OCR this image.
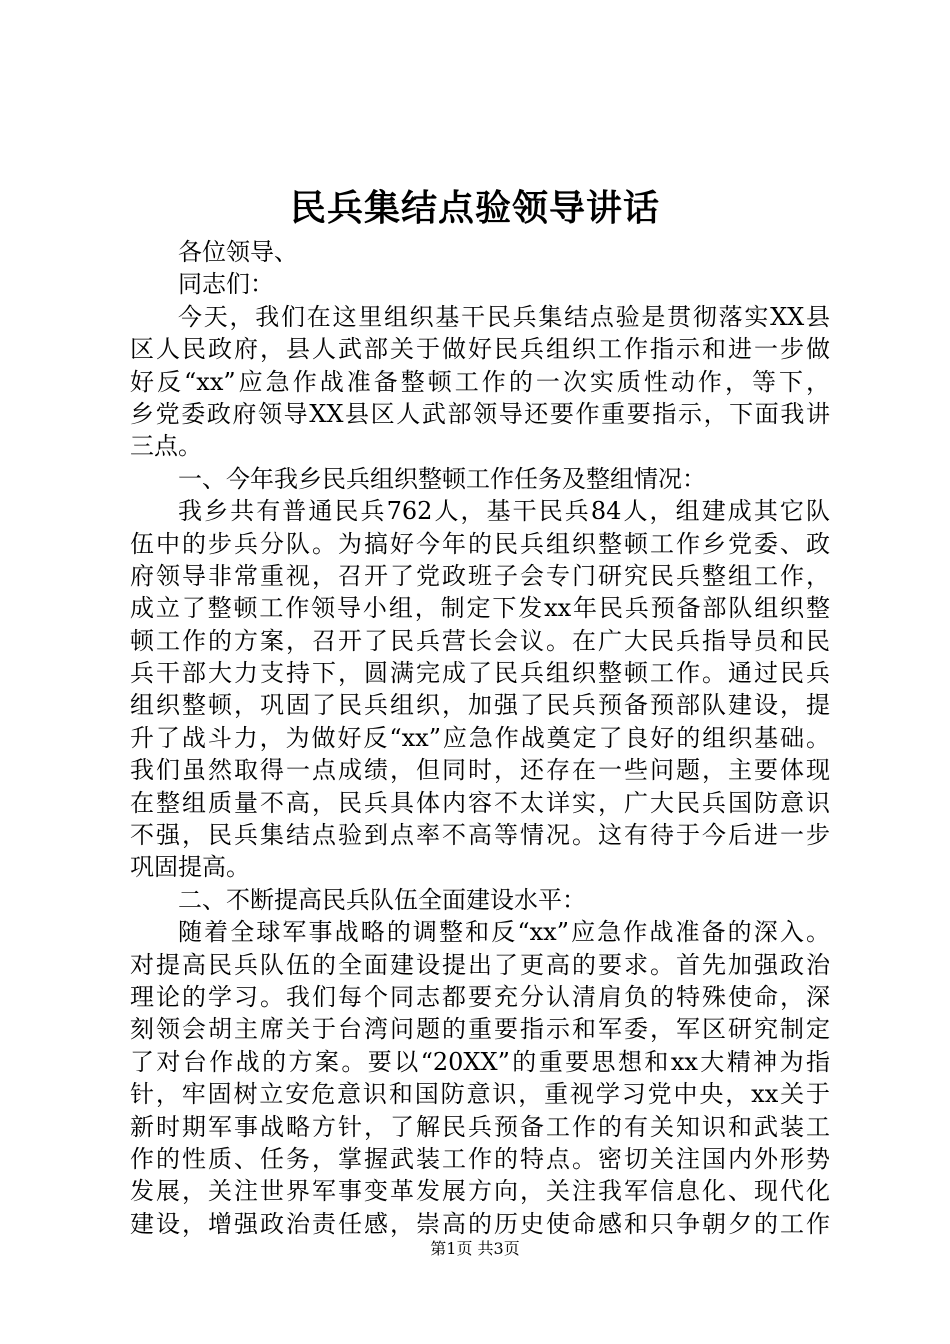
民兵集结点验领导讲话
各位领导、
同志们：
今天，我们在这里组织基干民兵集结点验是贯彻落实XX县
区人民政府，县人武部关于做好民兵组织工作指示和进一步做
好反“xx”应急作战准备整顿工作的一次实质性动作，等下，
乡党委政府领导XX县区人武部领导还要作重要指示，下面我讲
三点。
一、今年我乡民兵组织整顿工作任务及整组情况：
我乡共有普通民兵762人，基干民兵84人，组建成其它队
伍中的步兵分队。为搞好今年的民兵组织整顿工作乡党委、政
府领导非常重视，召开了党政班子会专门研究民兵整组工作，
成立了整顿工作领导小组，制定下发xx年民兵预备部队组织整
顿工作的方案，召开了民兵营长会议。在广大民兵指导员和民
兵干部大力支持下，圆满完成了民兵组织整顿工作。通过民兵
组织整顿，巩固了民兵组织，加强了民兵预备预部队建设，提
升了战斗力，为做好反“xx”应急作战奠定了良好的组织基础。
我们虽然取得一点成绩，但同时，还存在一些问题，主要体现
在整组质量不高，民兵具体内容不太详实，广大民兵国防意识
不强，民兵集结点验到点率不高等情况。这有待于今后进一步
巩固提高。
二、不断提高民兵队伍全面建设水平：
随着全球军事战略的调整和反“xx”应急作战准备的深入。
对提高民兵队伍的全面建设提出了更高的要求。首先加强政治
理论的学习。我们每个同志都要充分认清肩负的特殊使命，深
刻领会胡主席关于台湾问题的重要指示和军委，军区研究制定
了对台作战的方案。要以“20XX”的重要思想和xx大精神为指
针，牢固树立安危意识和国防意识，重视学习党中央，xx关于
新时期军事战略方针，了解民兵预备工作的有关知识和武装工
作的性质、任务，掌握武装工作的特点。密切关注国内外形势
发展，关注世界军事变革发展方向，关注我军信息化、现代化
建设，增强政治责任感，崇高的历史使命感和只争朝夕的工作
第1页 共3页
